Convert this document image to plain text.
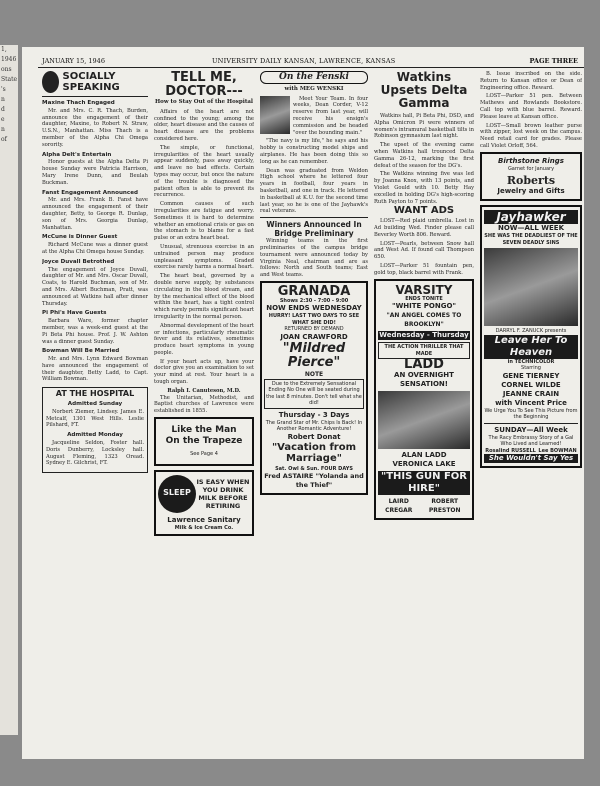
1, 1946
ons
State
's
n
d
e
n
of
JANUARY 15, 1946	UNIVERSITY DAILY KANSAN, LAWRENCE, KANSAS	PAGE THREE
SOCIALLY SPEAKING
Maxine Thach Engaged

Mr. and Mrs. C. R. Thach, Burden, announce the engagement of their daughter, Maxine, to Robert N. Straw, U.S.N., Manhattan. Miss Thach is a member of the Alpha Chi Omega sorority.

Alpha Delt's Entertain

Honor guests at the Alpha Delta Pi house Sunday were Patricia Harrison, Mary Irene Dunn, and Beulah Buckman.

Fanst Engagement Announced

Mr. and Mrs. Frank B. Fanst have announced the engagement of their daughter, Betty, to George R. Dunlap, son of Mrs. Georgia Dunlap, Manhattan.

McCune is Dinner Guest

Richard McCune was a dinner guest at the Alpha Chi Omega house Sunday.

Joyce Duvall Betrothed

The engagement of Joyce Duvall, daughter of Mr. and Mrs. Oscar Duvall, Coats, to Harold Buchman, son of Mr. and Mrs. Albert Buchman, Pratt, was announced at Watkins hall after dinner Thursday.

Pi Phi's Have Guests

Barbara Ware, former chapter member, was a week-end guest at the Pi Beta Phi house. Prof. J. W. Ashton was a dinner guest Sunday.

Bowman Will Be Married

Mr. and Mrs. Lynn Edward Bowman have announced the engagement of their daughter, Betty Ladd, to Capt. William Bowman.

AT THE HOSPITAL
Admitted Sunday

Norbert Ziemer, Lindsey. James E. Metcalf, 1301 West Hills. Leslie Pilshard, FT.

Admitted Monday

Jacqueline Seldon, Foster hall. Doris Dunberry, Locksley hall. August Fleming, 1323 Oread. Sydney E. Gilchrist, FT.

TELL ME, DOCTOR---
How to Stay Out of the Hospital

Affairs of the heart are not confined to the young; among the older, heart disease and the causes of heart disease are the problems considered here.

The simple, or functional, irregularities of the heart usually appear suddenly, pass away quickly, and leave no bad effects. Certain types may occur, but once the nature of the trouble is diagnosed the patient often is able to prevent its recurrence.

Common causes of such irregularities are fatigue and worry. Sometimes it is hard to determine whether an emotional crisis or gas on the stomach is to blame for a fast pulse or an extra heart beat.

Unusual, strenuous exercise in an untrained person may produce unpleasant symptoms. Graded exercise rarely harms a normal heart.

The heart beat, governed by a double nerve supply, by substances circulating in the blood stream, and by the mechanical effect of the blood within the heart, has a tight control which rarely permits significant heart irregularity in the normal person.

Abnormal development of the heart or infections, particularly rheumatic fever and its relatives, sometimes produce heart symptoms in young people.

If your heart acts up, have your doctor give you an examination to set your mind at rest. Your heart is a tough organ.

Ralph I. Canuteson, M.D.

The Unitarian, Methodist, and Baptist churches of Lawrence were established in 1855.

Like the Man
On the Trapeze
See Page 4
SLEEP
IS EASY WHEN YOU DRINK MILK BEFORE RETIRING
Lawrence Sanitary
Milk & Ice Cream Co.
On the Fenski
with MEG WENSKI

Meet Your Team. In four weeks, Dean Corder, V-12 reserve from last year, will receive his ensign's commission and be headed "over the bounding main."

"The navy is my life," he says and his hobby is constructing model ships and airplanes. He has been doing this so long as he can remember.

Dean was graduated from Weldon High school where he lettered four years in football, four years in basketball, and one in track. He lettered in basketball at K.U. for the second time last year, so he is one of the Jayhawk's real veterans.

Winners Announced In Bridge Preliminary

Winning teams in the first preliminaries of the campus bridge tournament were announced today by Virginia Neal, chairman and are as follows: North and South teams; East and West teams.

GRANADA
Shows 2:30 - 7:00 - 9:00
NOW ENDS WEDNESDAY
HURRY! LAST TWO DAYS TO SEE WHAT SHE DID!
RETURNED BY DEMAND
JOAN CRAWFORD
"Mildred Pierce"
NOTE
Due to the Extremely Sensational Ending No One will be seated during the last 8 minutes. Don't tell what she did!
Thursday - 3 Days
The Grand Star of Mr. Chips Is Back! In Another Romantic Adventure!
Robert Donat
"Vacation from Marriage"
Sat. Owl & Sun. FOUR DAYS
Fred ASTAIRE "Yolanda and the Thief"
Watkins Upsets Delta Gamma

Watkins hall, Pi Beta Phi, DSD, and Alpha Omicron Pi were winners of women's intramural basketball tilts in Robinson gymnasium last night.

The upset of the evening came when Watkins hall trounced Delta Gamma 26-12, marking the first defeat of the season for the DG's.

The Watkins winning five was led by Joanna Knox, with 13 points, and Violet Gould with 10. Betty Hay excelled in holding DG's high-scoring Ruth Payton to 7 points.

WANT ADS

LOST—Red plaid umbrella. Lost in Ad building Wed. Finder please call Beverley Worth 806. Reward.

LOST—Pearls, between Snow hall and West Ad. If found call Thompson 650.

LOST—Parker 51 fountain pen, gold top, black barrel with Frank.

VARSITY
ENDS TONITE
"WHITE PONGO"
"AN ANGEL COMES TO BROOKLYN"
Wednesday - Thursday
THE ACTION THRILLER THAT MADE
LADD
AN OVERNIGHT SENSATION!
ALAN LADD
VERONICA LAKE
"THIS GUN FOR HIRE"
LAIRD CREGAR
ROBERT PRESTON

B. Issue inscribed on the side. Return to Kansan office or Dean of Engineering office. Reward.

LOST—Parker 51 pen. Between Mathews and Rowlands Bookstore. Call top with blue barrel. Reward. Please leave at Kansan office.

LOST—Small brown leather purse with zipper, lost week on the campus. Need retail card for grades. Please call Violet Orloff, 564.

Birthstone Rings
Garnet for January
Roberts
Jewelry and Gifts
Jayhawker
NOW—ALL WEEK
SHE WAS THE DEADLIEST OF THE SEVEN DEADLY SINS
DARRYL F. ZANUCK presents
Leave Her To Heaven
in TECHNICOLOR
Starring
GENE TIERNEY
CORNEL WILDE
JEANNE CRAIN
with Vincent Price
We Urge You To See This Picture from the Beginning
SUNDAY—All Week
The Racy Embrassy Story of a Gal Who Lived and Learned!
Rosalind RUSSELL Lee BOWMAN
She Wouldn't Say Yes
